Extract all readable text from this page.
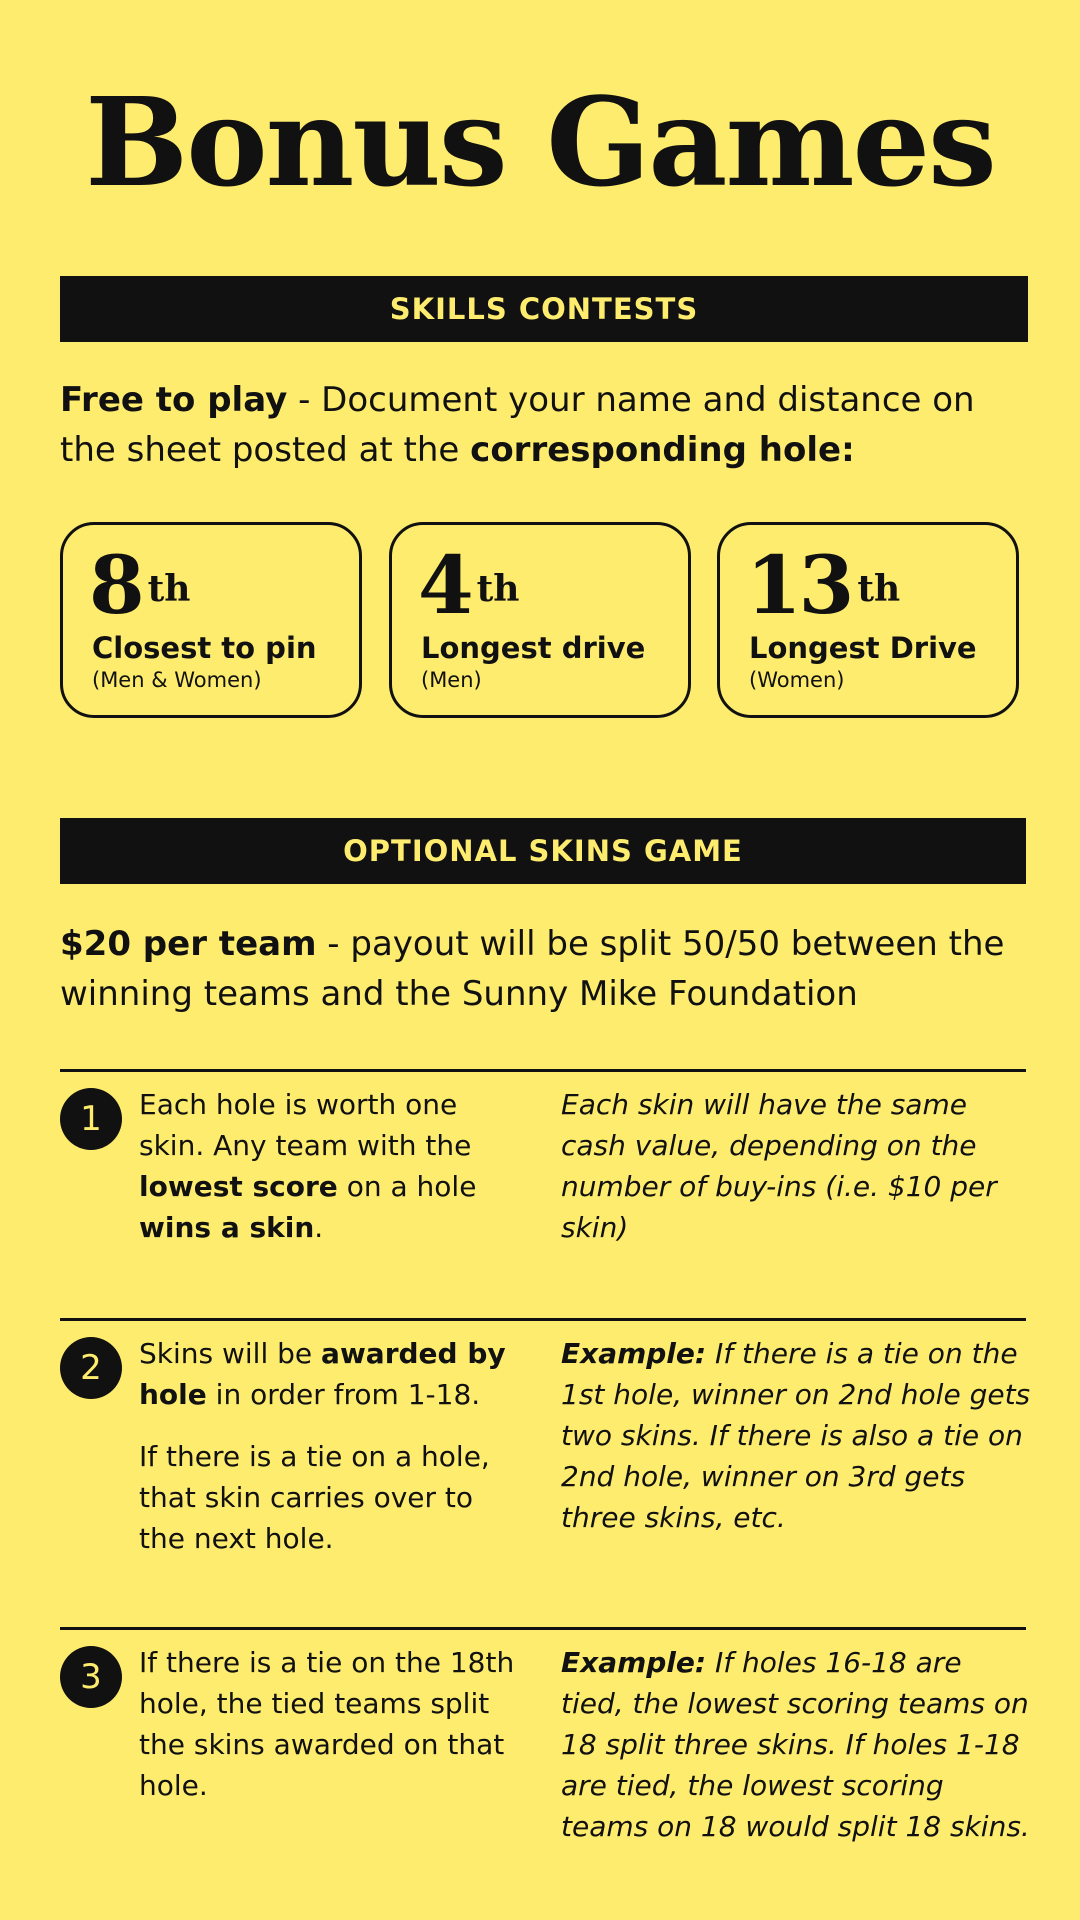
Bonus Games
SKILLS CONTESTS
Free to play - Document your name and distance on the sheet posted at the corresponding hole:
8 $^{th}$
Closest to pin
(Men & Women)
4 $^{th}$
Longest drive
(Men)
13 $^{th}$
Longest Drive
(Women)
OPTIONAL SKINS GAME
$20 per team - payout will be split 50/50 between the winning teams and the Sunny Mike Foundation
1	Each hole is worth one skin. Any team with the lowest score on a hole wins a skin.
Each skin will have the same cash value, depending on the number of buy-ins (i.e. $10 per skin)
2	Skins will be awarded by hole in order from 1-18.

If there is a tie on a hole, that skin carries over to the next hole.

Example: If there is a tie on the 1st hole, winner on 2nd hole gets two skins. If there is also a tie on 2nd hole, winner on 3rd gets three skins, etc.
3	If there is a tie on the 18th hole, the tied teams split the skins awarded on that hole.
Example: If holes 16-18 are tied, the lowest scoring teams on 18 split three skins. If holes 1-18 are tied, the lowest scoring teams on 18 would split 18 skins.
